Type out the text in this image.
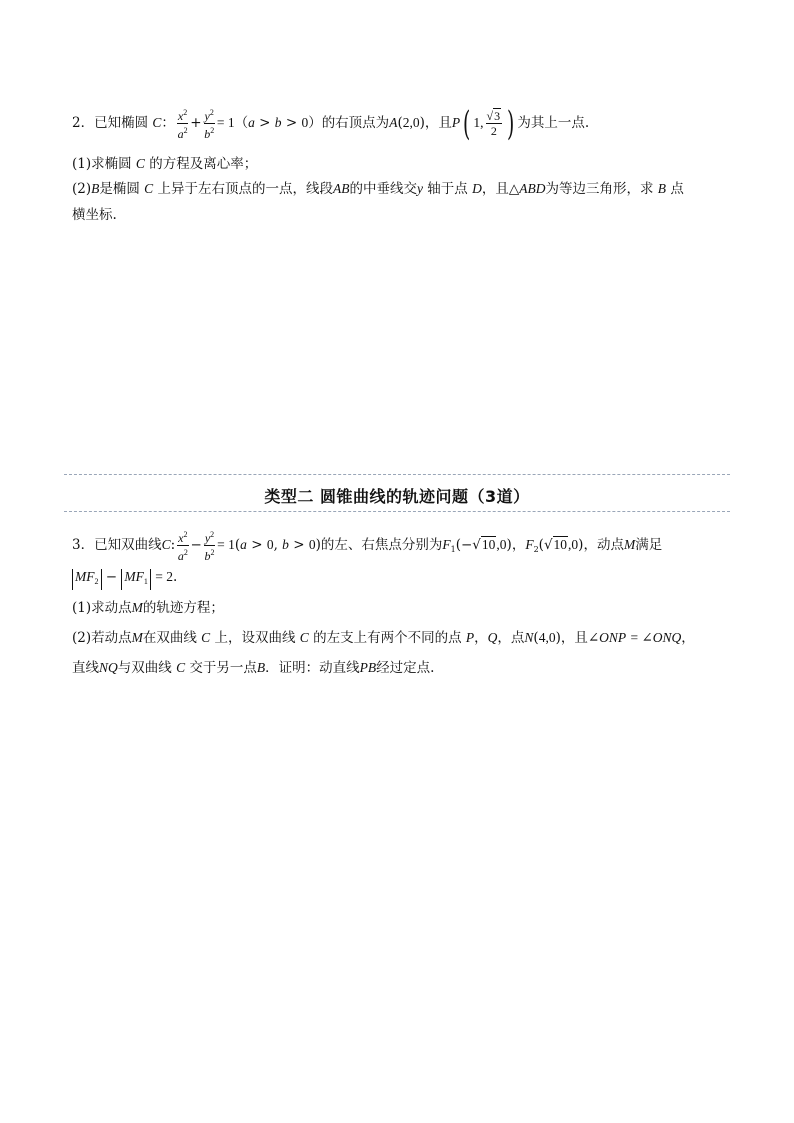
2．已知椭圆 C： $\frac{x^2}{a^2} + \frac{y^2}{b^2} = 1(a > b > 0)$的右顶点为A(2,0)，且P( 1, $\frac{√3}{2}$ ) 为其上一点.
(1)求椭圆 C 的方程及离心率；
(2)B是椭圆 C 上异于左右顶点的一点，线段AB的中垂线交y 轴于点 D，且△ABD为等边三角形，求 B 点
横坐标.
类型二 圆锥曲线的轨迹问题（3道）
3．已知双曲线C: $\frac{x^2}{a^2} - \frac{y^2}{b^2} = 1(a > 0$, b > 0)的左、右焦点分别为$F_1(-√10,0)$，$F_2(√10,0)$，动点M满足
$MF_2 - MF_1 = 2$.
(1)求动点M的轨迹方程；
(2)若动点M在双曲线 C 上，设双曲线 C 的左支上有两个不同的点 P，Q，点N(4,0)，且∠ONP = ∠ONQ，
直线NQ与双曲线 C 交于另一点B．证明：动直线PB经过定点.
